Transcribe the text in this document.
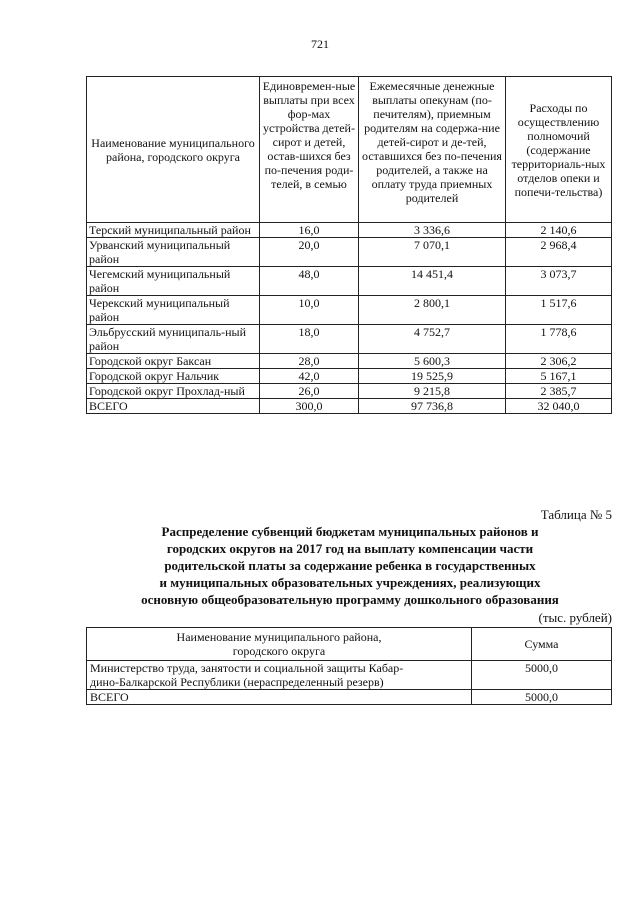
721
Наименование муниципального района, городского округа	Единовремен-ные выплаты при всех фор-мах устройства детей-сирот и детей, остав-шихся без по-печения роди-телей, в семью	Ежемесячные денежные выплаты опекунам (по-печителям), приемным родителям на содержа-ние детей-сирот и де-тей, оставшихся без по-печения родителей, а также на оплату труда приемных родителей	Расходы по осуществлению полномочий (содержание территориаль-ных отделов опеки и попечи-тельства)
Терский муниципальный район	16,0	3 336,6	2 140,6
Урванский муниципальный район	20,0	7 070,1	2 968,4
Чегемский муниципальный район	48,0	14 451,4	3 073,7
Черекский муниципальный район	10,0	2 800,1	1 517,6
Эльбрусский муниципаль-ный район	18,0	4 752,7	1 778,6
Городской округ Баксан	28,0	5 600,3	2 306,2
Городской округ Нальчик	42,0	19 525,9	5 167,1
Городской округ Прохлад-ный	26,0	9 215,8	2 385,7
ВСЕГО	300,0	97 736,8	32 040,0
Таблица № 5
Распределение субвенций бюджетам муниципальных районов и
городских округов на 2017 год на выплату компенсации части
родительской платы за содержание ребенка в государственных
и муниципальных образовательных учреждениях, реализующих
основную общеобразовательную программу дошкольного образования
(тыс. рублей)
Наименование муниципального района,
городского округа	Сумма

Министерство труда, занятости и социальной защиты Кабар-
дино-Балкарской Республики (нераспределенный резерв)	5000,0
ВСЕГО	5000,0
